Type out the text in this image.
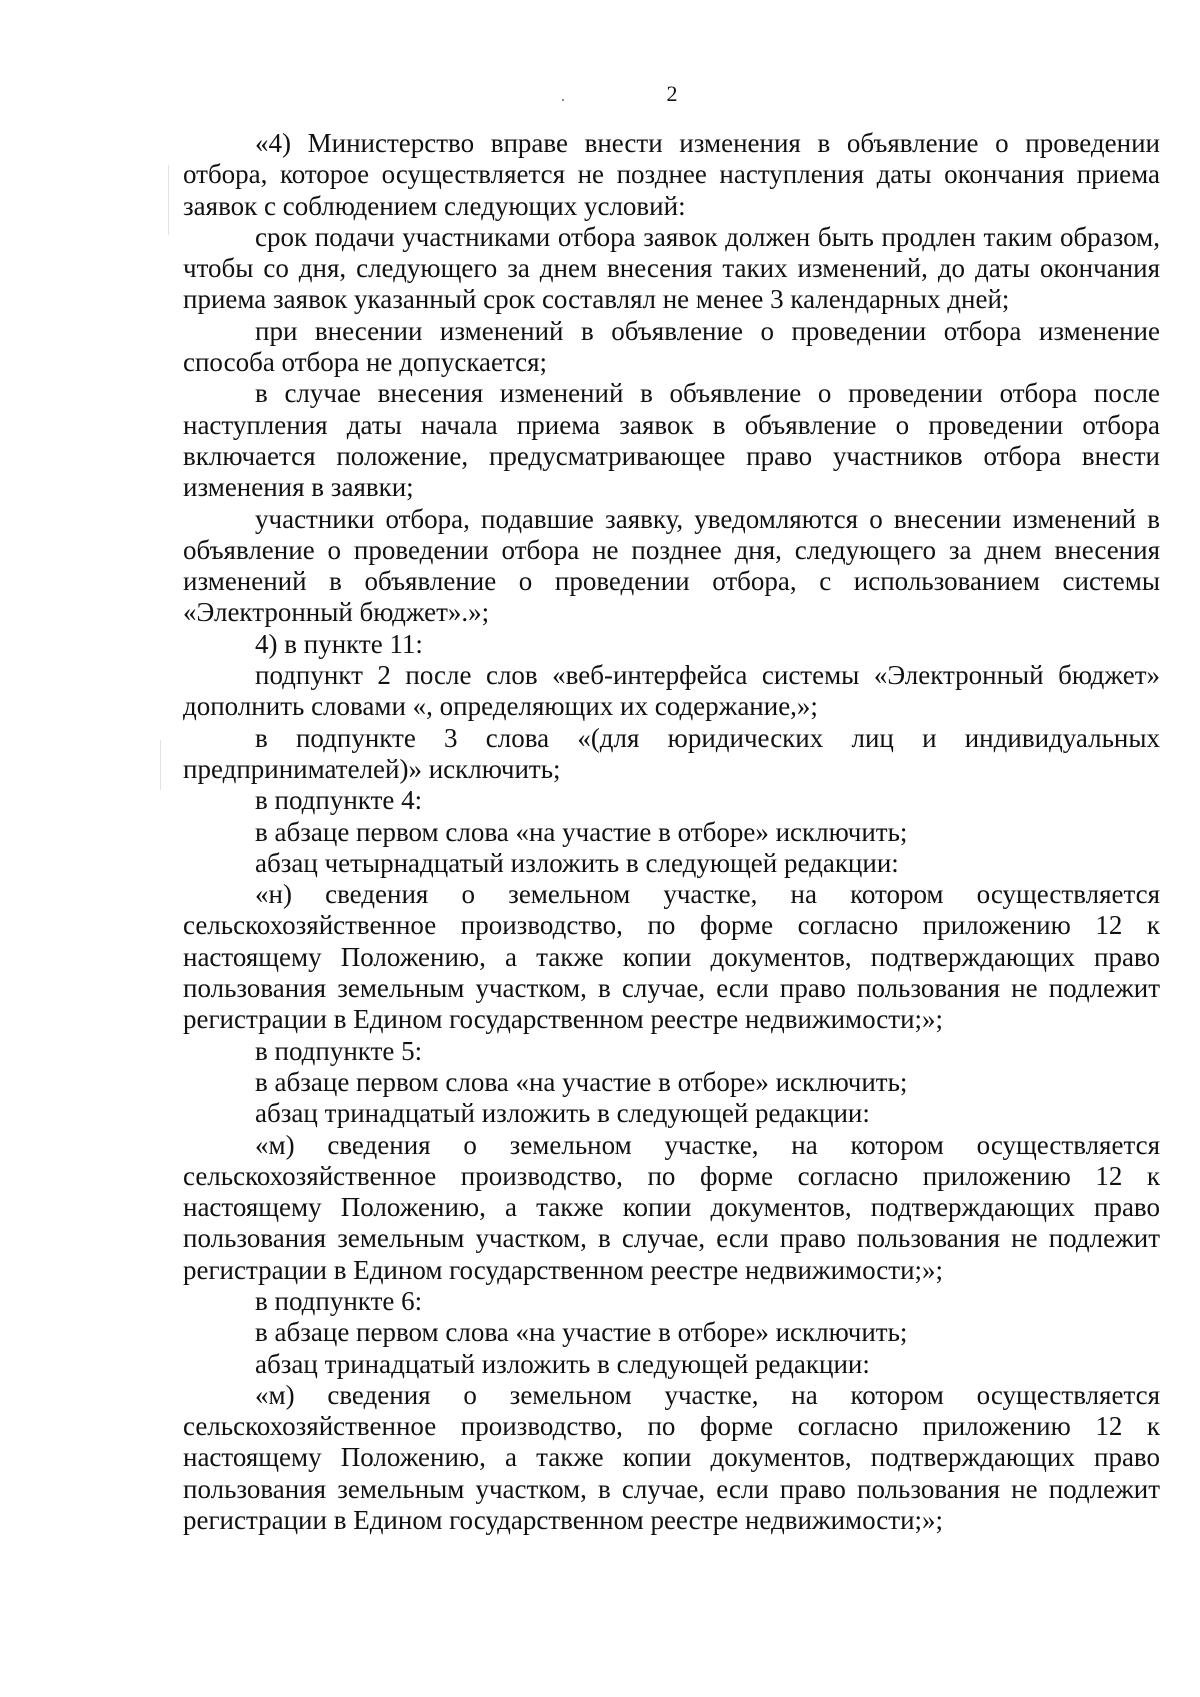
2

«4) Министерство вправе внести изменения в объявление о проведении отбора, которое осуществляется не позднее наступления даты окончания приема заявок с соблюдением следующих условий:

срок подачи участниками отбора заявок должен быть продлен таким образом, чтобы со дня, следующего за днем внесения таких изменений, до даты окончания приема заявок указанный срок составлял не менее 3 календарных дней;

при внесении изменений в объявление о проведении отбора изменение способа отбора не допускается;

в случае внесения изменений в объявление о проведении отбора после наступления даты начала приема заявок в объявление о проведении отбора включается положение, предусматривающее право участников отбора внести изменения в заявки;

участники отбора, подавшие заявку, уведомляются о внесении изменений в объявление о проведении отбора не позднее дня, следующего за днем внесения изменений в объявление о проведении отбора, с использованием системы «Электронный бюджет».»;

4) в пункте 11:

подпункт 2 после слов «веб-интерфейса системы «Электронный бюджет» дополнить словами «, определяющих их содержание,»;

в подпункте 3 слова «(для юридических лиц и индивидуальных предпринимателей)» исключить;

в подпункте 4:

в абзаце первом слова «на участие в отборе» исключить;

абзац четырнадцатый изложить в следующей редакции:

«н) сведения о земельном участке, на котором осуществляется сельскохозяйственное производство, по форме согласно приложению 12 к настоящему Положению, а также копии документов, подтверждающих право пользования земельным участком, в случае, если право пользования не подлежит регистрации в Едином государственном реестре недвижимости;»;

в подпункте 5:

в абзаце первом слова «на участие в отборе» исключить;

абзац тринадцатый изложить в следующей редакции:

«м) сведения о земельном участке, на котором осуществляется сельскохозяйственное производство, по форме согласно приложению 12 к настоящему Положению, а также копии документов, подтверждающих право пользования земельным участком, в случае, если право пользования не подлежит регистрации в Едином государственном реестре недвижимости;»;

в подпункте 6:

в абзаце первом слова «на участие в отборе» исключить;

абзац тринадцатый изложить в следующей редакции:

«м) сведения о земельном участке, на котором осуществляется сельскохозяйственное производство, по форме согласно приложению 12 к настоящему Положению, а также копии документов, подтверждающих право пользования земельным участком, в случае, если право пользования не подлежит регистрации в Едином государственном реестре недвижимости;»;
